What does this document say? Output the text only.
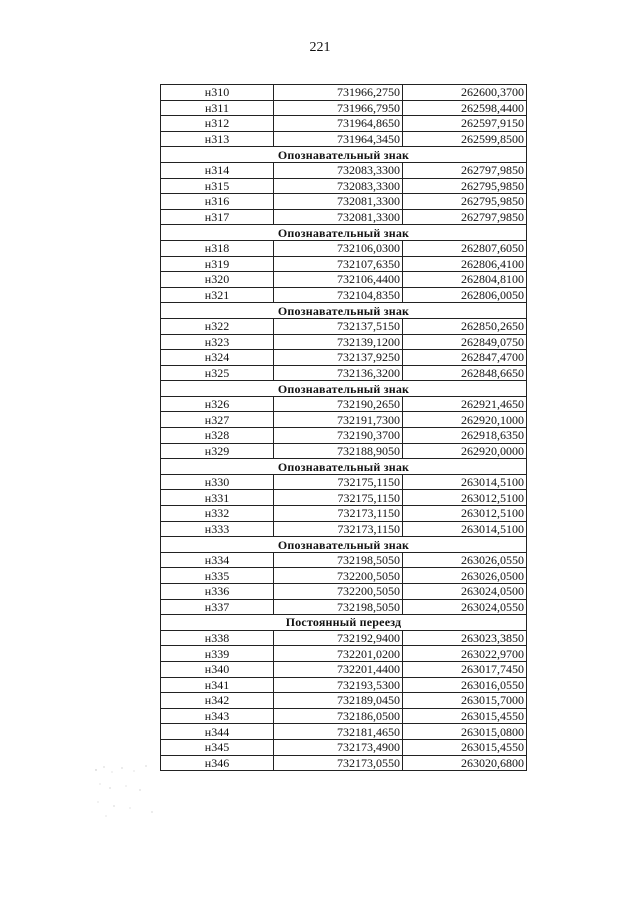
221
н310	731966,2750	262600,3700
н311	731966,7950	262598,4400
н312	731964,8650	262597,9150
н313	731964,3450	262599,8500
Опознавательный знак		
н314	732083,3300	262797,9850
н315	732083,3300	262795,9850
н316	732081,3300	262795,9850
н317	732081,3300	262797,9850
Опознавательный знак		
н318	732106,0300	262807,6050
н319	732107,6350	262806,4100
н320	732106,4400	262804,8100
н321	732104,8350	262806,0050
Опознавательный знак		
н322	732137,5150	262850,2650
н323	732139,1200	262849,0750
н324	732137,9250	262847,4700
н325	732136,3200	262848,6650
Опознавательный знак		
н326	732190,2650	262921,4650
н327	732191,7300	262920,1000
н328	732190,3700	262918,6350
н329	732188,9050	262920,0000
Опознавательный знак		
н330	732175,1150	263014,5100
н331	732175,1150	263012,5100
н332	732173,1150	263012,5100
н333	732173,1150	263014,5100
Опознавательный знак		
н334	732198,5050	263026,0550
н335	732200,5050	263026,0500
н336	732200,5050	263024,0500
н337	732198,5050	263024,0550
Постоянный переезд		
н338	732192,9400	263023,3850
н339	732201,0200	263022,9700
н340	732201,4400	263017,7450
н341	732193,5300	263016,0550
н342	732189,0450	263015,7000
н343	732186,0500	263015,4550
н344	732181,4650	263015,0800
н345	732173,4900	263015,4550
н346	732173,0550	263020,6800
